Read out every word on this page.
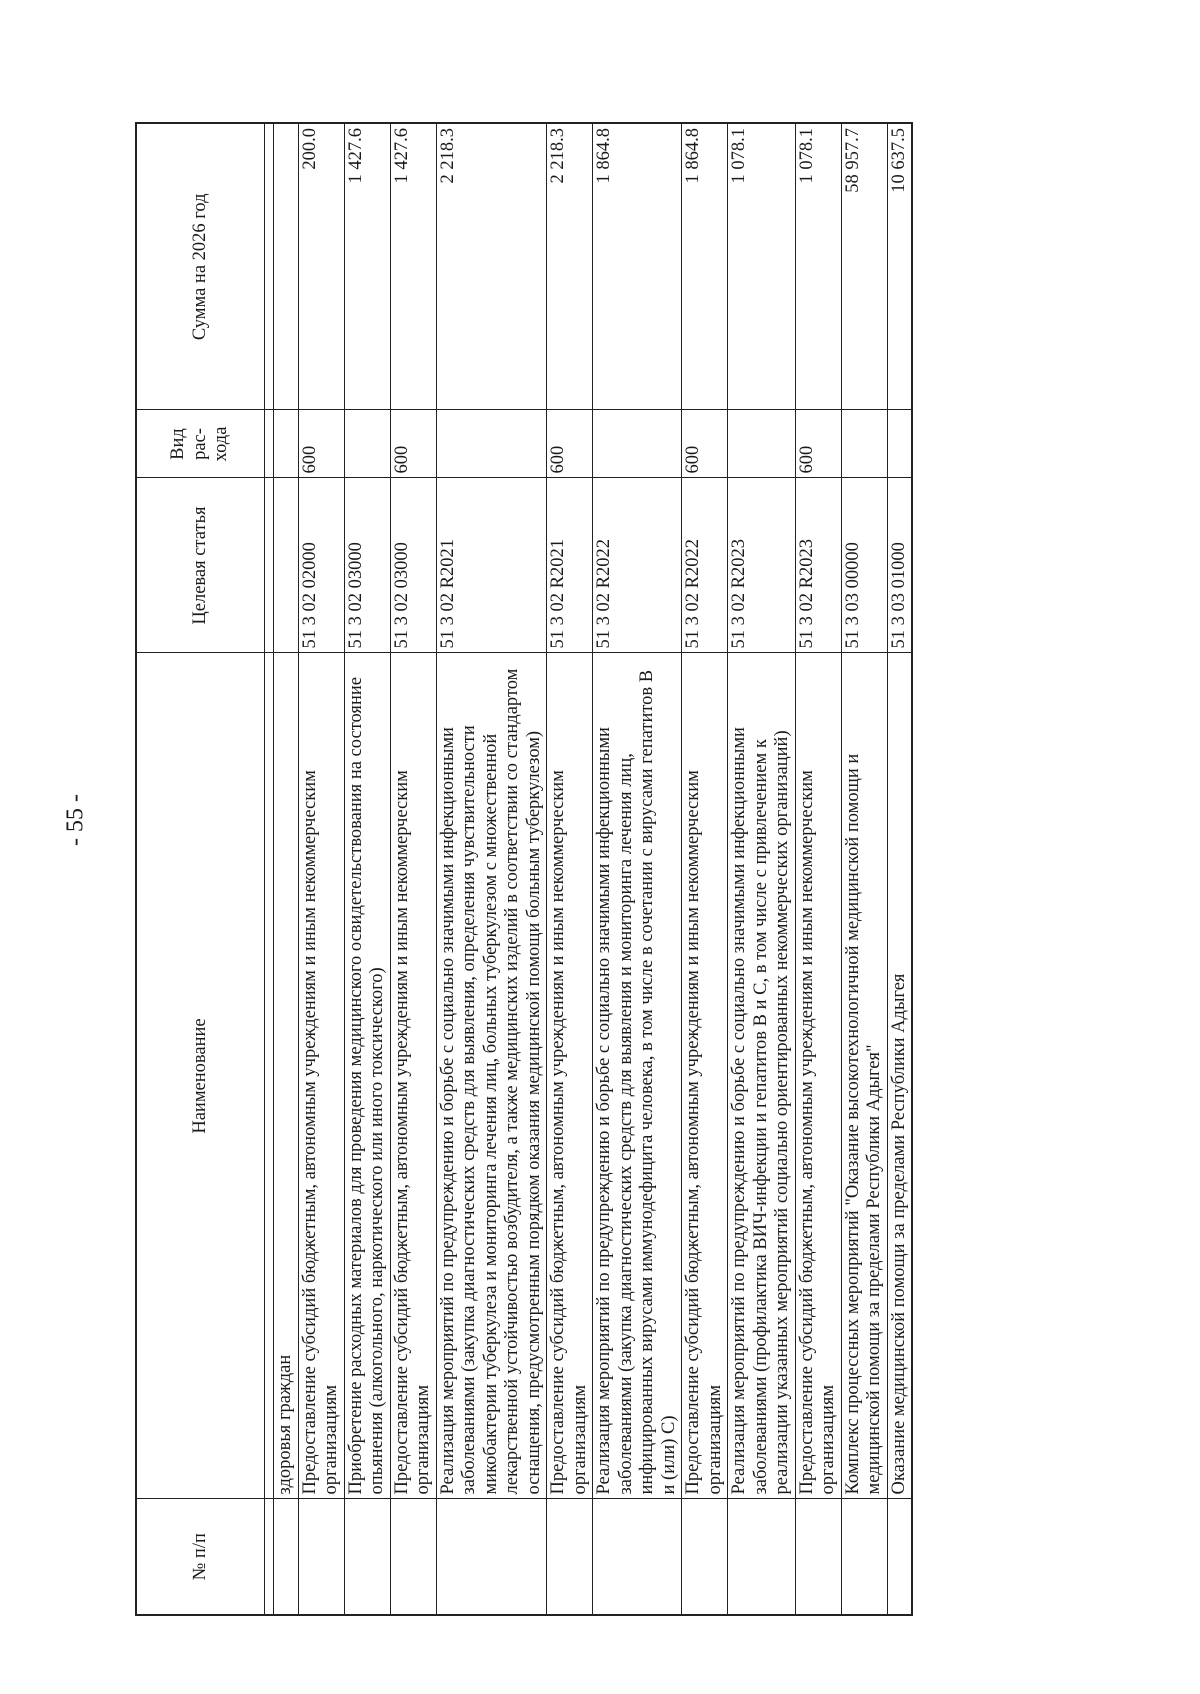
- 55 -
№ п/п	Наименование	Целевая статья	Вид рас-хода	Сумма на 2026 год

	здоровья граждан			
	Предоставление субсидий бюджетным, автономным учреждениям и иным некоммерческим организациям	51 3 02 02000	600	200.0
	Приобретение расходных материалов для проведения медицинского освидетельствования на состояние опьянения (алкогольного, наркотического или иного токсического)	51 3 02 03000		1 427.6
	Предоставление субсидий бюджетным, автономным учреждениям и иным некоммерческим организациям	51 3 02 03000	600	1 427.6
	Реализация мероприятий по предупреждению и борьбе с социально значимыми инфекционными заболеваниями (закупка диагностических средств для выявления, определения чувствительности микобактерии туберкулеза и мониторинга лечения лиц, больных туберкулезом с множественной лекарственной устойчивостью возбудителя, а также медицинских изделий в соответствии со стандартом оснащения, предусмотренным порядком оказания медицинской помощи больным туберкулезом)	51 3 02 R2021		2 218.3
	Предоставление субсидий бюджетным, автономным учреждениям и иным некоммерческим организациям	51 3 02 R2021	600	2 218.3
	Реализация мероприятий по предупреждению и борьбе с социально значимыми инфекционными заболеваниями (закупка диагностических средств для выявления и мониторинга лечения лиц, инфицированных вирусами иммунодефицита человека, в том числе в сочетании с вирусами гепатитов В и (или) С)	51 3 02 R2022		1 864.8
	Предоставление субсидий бюджетным, автономным учреждениям и иным некоммерческим организациям	51 3 02 R2022	600	1 864.8
	Реализация мероприятий по предупреждению и борьбе с социально значимыми инфекционными заболеваниями (профилактика ВИЧ-инфекции и гепатитов В и С, в том числе с привлечением к реализации указанных мероприятий социально ориентированных некоммерческих организаций)	51 3 02 R2023		1 078.1
	Предоставление субсидий бюджетным, автономным учреждениям и иным некоммерческим организациям	51 3 02 R2023	600	1 078.1
	Комплекс процессных мероприятий "Оказание высокотехнологичной медицинской помощи и медицинской помощи за пределами Республики Адыгея"	51 3 03 00000		58 957.7
	Оказание медицинской помощи за пределами Республики Адыгея	51 3 03 01000		10 637.5
